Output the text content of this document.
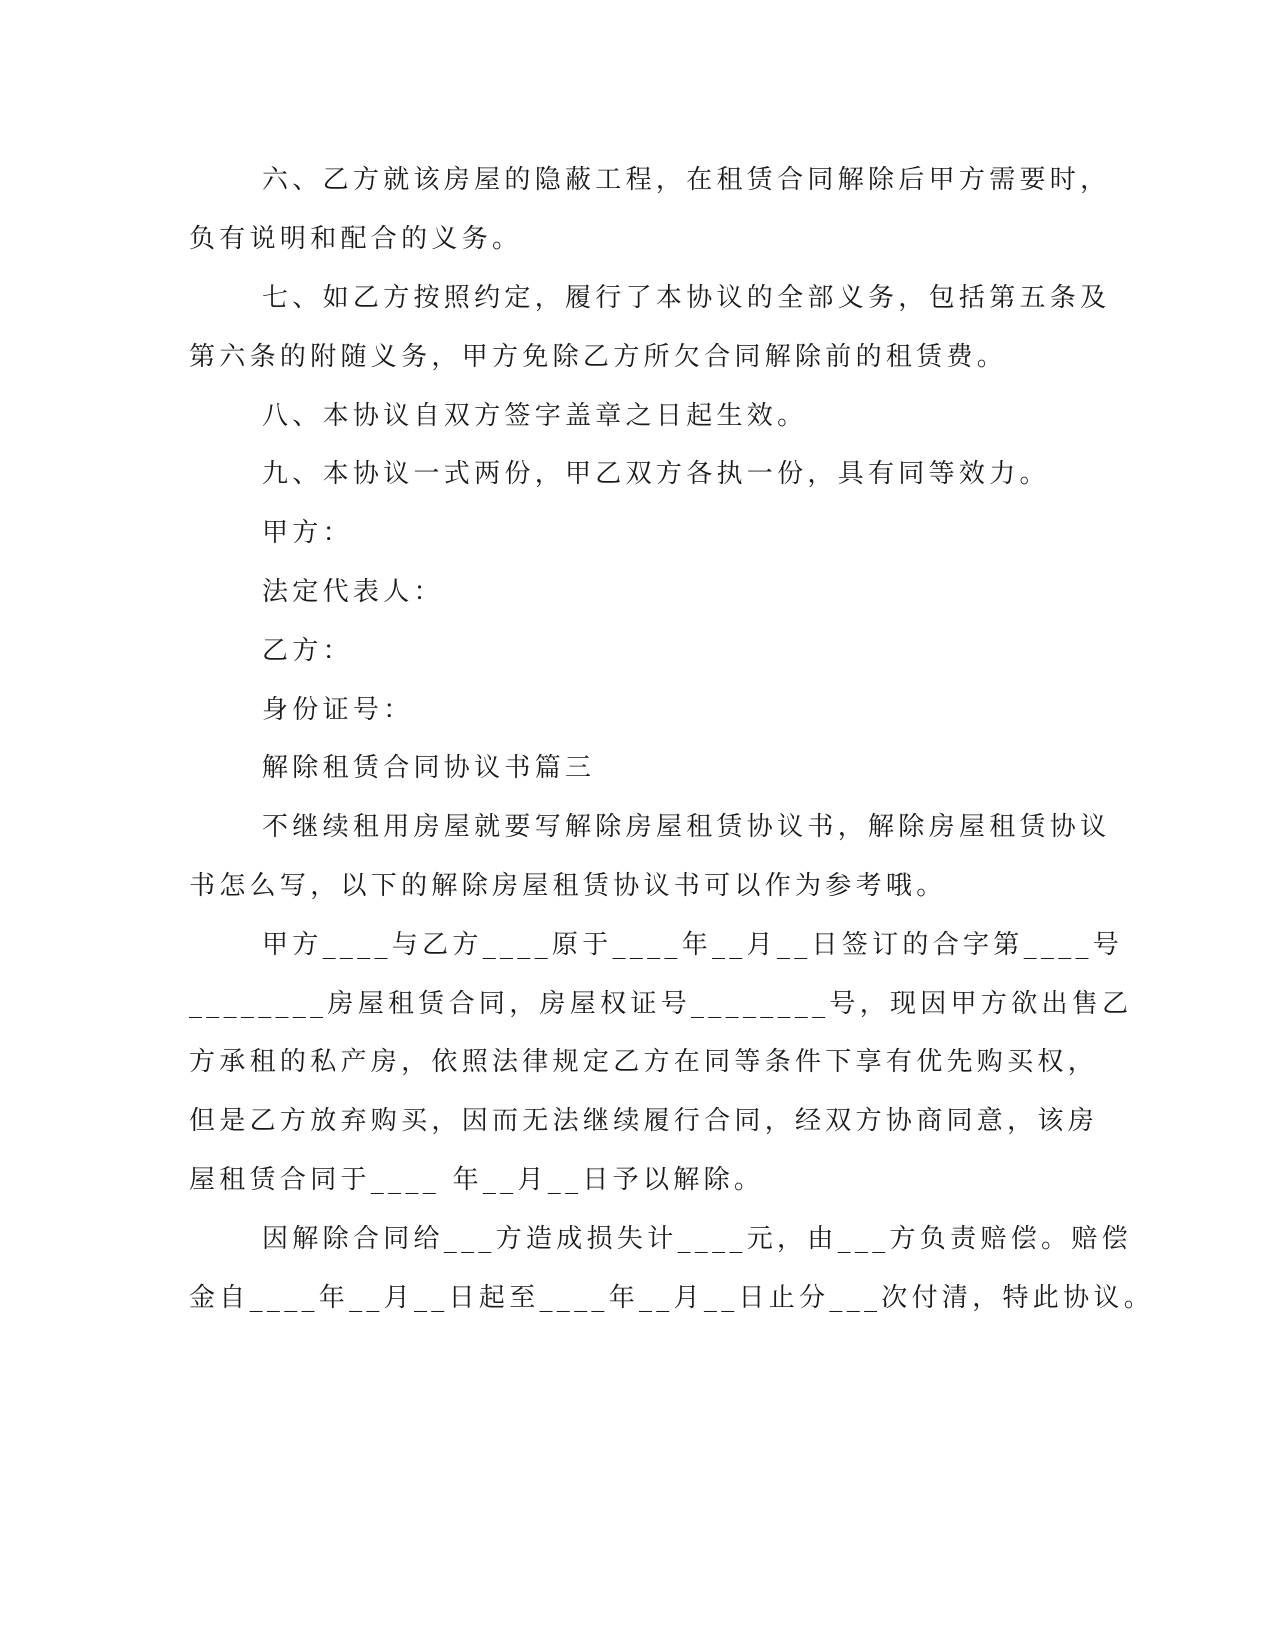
六、乙方就该房屋的隐蔽工程，在租赁合同解除后甲方需要时，
负有说明和配合的义务。
七、如乙方按照约定，履行了本协议的全部义务，包括第五条及
第六条的附随义务，甲方免除乙方所欠合同解除前的租赁费。
八、本协议自双方签字盖章之日起生效。
九、本协议一式两份，甲乙双方各执一份，具有同等效力。
甲方：
法定代表人：
乙方：
身份证号：
解除租赁合同协议书篇三
不继续租用房屋就要写解除房屋租赁协议书，解除房屋租赁协议
书怎么写，以下的解除房屋租赁协议书可以作为参考哦。
甲方____与乙方____原于____年__月__日签订的合字第____号
________房屋租赁合同，房屋权证号________号，现因甲方欲出售乙
方承租的私产房，依照法律规定乙方在同等条件下享有优先购买权，
但是乙方放弃购买，因而无法继续履行合同，经双方协商同意，该房
屋租赁合同于____ 年__月__日予以解除。
因解除合同给___方造成损失计____元，由___方负责赔偿。赔偿
金自____年__月__日起至____年__月__日止分___次付清，特此协议。
